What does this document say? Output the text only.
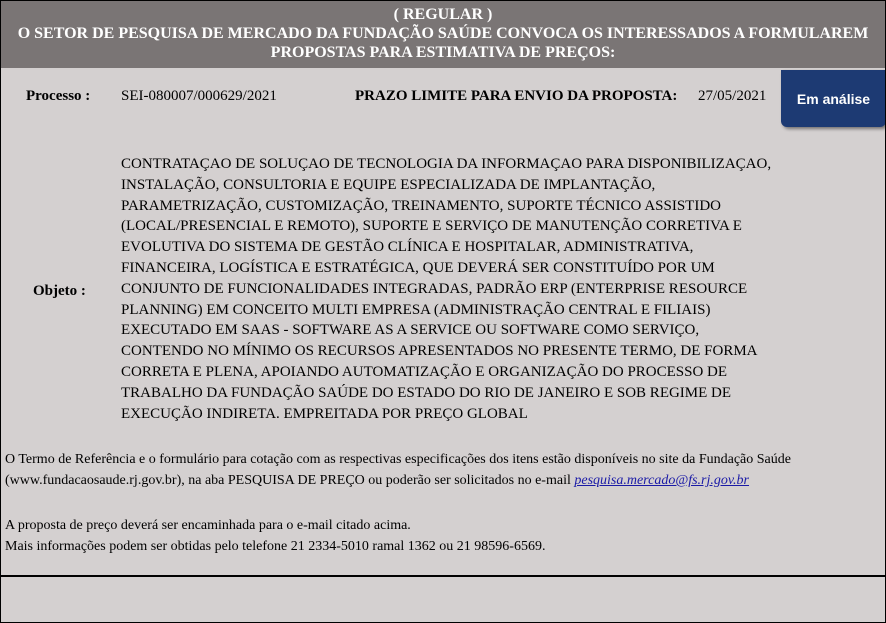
( REGULAR )
O SETOR DE PESQUISA DE MERCADO DA FUNDAÇÃO SAÚDE CONVOCA OS INTERESSADOS A FORMULAREM
PROPOSTAS PARA ESTIMATIVA DE PREÇOS:
Processo : SEI-080007/000629/2021	PRAZO LIMITE PARA ENVIO DA PROPOSTA: 27/05/2021	Em análise
Objeto :
CONTRATAÇAO DE SOLUÇAO DE TECNOLOGIA DA INFORMAÇAO PARA DISPONIBILIZAÇAO,
INSTALAÇÃO, CONSULTORIA E EQUIPE ESPECIALIZADA DE IMPLANTAÇÃO,
PARAMETRIZAÇÃO, CUSTOMIZAÇÃO, TREINAMENTO, SUPORTE TÉCNICO ASSISTIDO
(LOCAL/PRESENCIAL E REMOTO), SUPORTE E SERVIÇO DE MANUTENÇÃO CORRETIVA E
EVOLUTIVA DO SISTEMA DE GESTÃO CLÍNICA E HOSPITALAR, ADMINISTRATIVA,
FINANCEIRA, LOGÍSTICA E ESTRATÉGICA, QUE DEVERÁ SER CONSTITUÍDO POR UM
CONJUNTO DE FUNCIONALIDADES INTEGRADAS, PADRÃO ERP (ENTERPRISE RESOURCE
PLANNING) EM CONCEITO MULTI EMPRESA (ADMINISTRAÇÃO CENTRAL E FILIAIS)
EXECUTADO EM SAAS - SOFTWARE AS A SERVICE OU SOFTWARE COMO SERVIÇO,
CONTENDO NO MÍNIMO OS RECURSOS APRESENTADOS NO PRESENTE TERMO, DE FORMA
CORRETA E PLENA, APOIANDO AUTOMATIZAÇÃO E ORGANIZAÇÃO DO PROCESSO DE
TRABALHO DA FUNDAÇÃO SAÚDE DO ESTADO DO RIO DE JANEIRO E SOB REGIME DE
EXECUÇÃO INDIRETA. EMPREITADA POR PREÇO GLOBAL
O Termo de Referência e o formulário para cotação com as respectivas especificações dos itens estão disponíveis no site da Fundação Saúde
(www.fundacaosaude.rj.gov.br), na aba PESQUISA DE PREÇO ou poderão ser solicitados no e-mail pesquisa.mercado@fs.rj.gov.br
A proposta de preço deverá ser encaminhada para o e-mail citado acima.
Mais informações podem ser obtidas pelo telefone 21 2334-5010 ramal 1362 ou 21 98596-6569.
